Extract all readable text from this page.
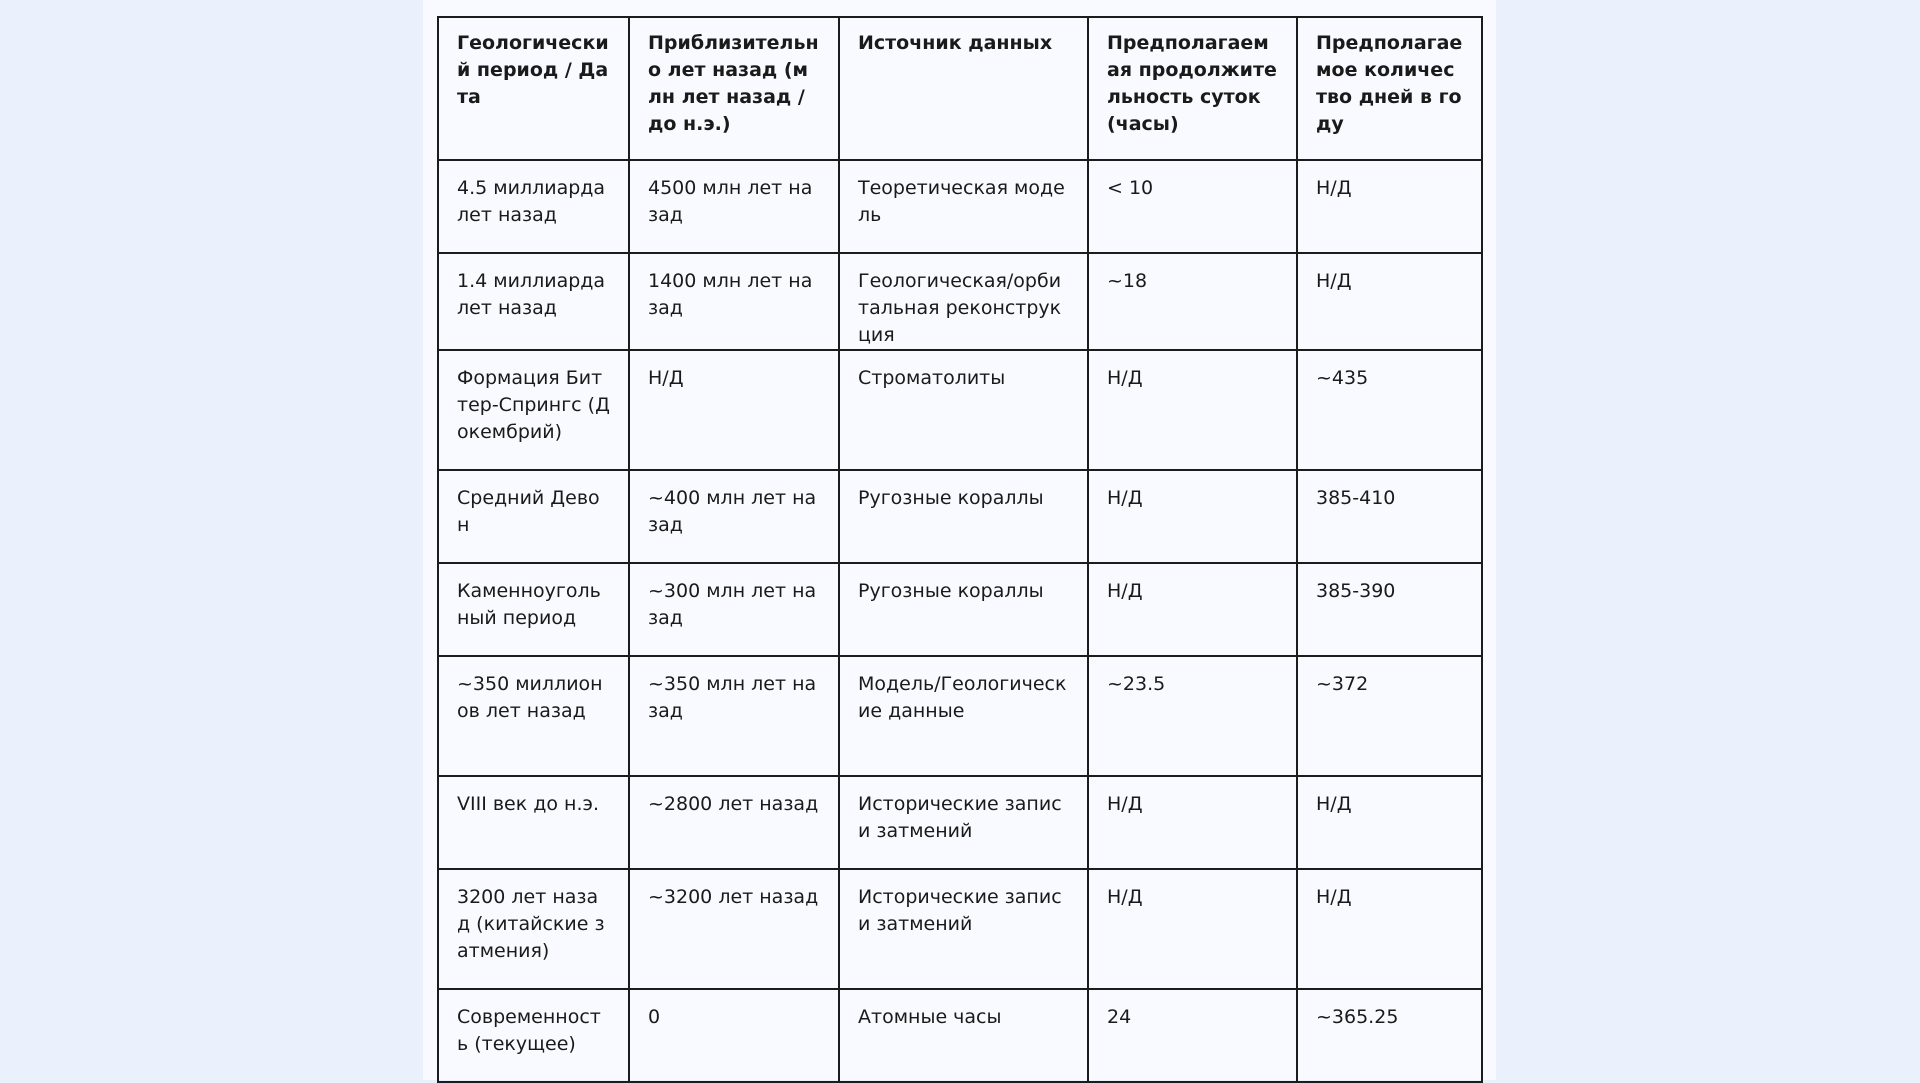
Геологический период / Дата	Приблизительно лет назад (млн лет назад / до н.э.)	Источник данных	Предполагаемая продолжительность суток (часы)	Предполагаемое количество дней в году
4.5 миллиарда лет назад	4500 млн лет назад	Теоретическая модель	< 10	Н/Д
1.4 миллиарда лет назад	1400 млн лет назад	Геологическая/орбитальная реконструкция	~18	Н/Д
Формация Биттер-Спрингс (Докембрий)	Н/Д	Строматолиты	Н/Д	~435
Средний Девон	~400 млн лет назад	Ругозные кораллы	Н/Д	385-410
Каменноугольный период	~300 млн лет назад	Ругозные кораллы	Н/Д	385-390
~350 миллионов лет назад	~350 млн лет назад	Модель/Геологические данные	~23.5	~372
VIII век до н.э.	~2800 лет назад	Исторические записи затмений	Н/Д	Н/Д
3200 лет назад (китайские затмения)	~3200 лет назад	Исторические записи затмений	Н/Д	Н/Д
Современность (текущее)	0	Атомные часы	24	~365.25
